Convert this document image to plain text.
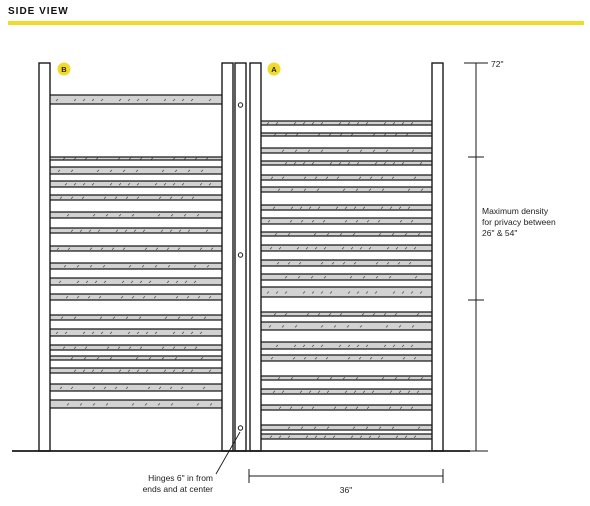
SIDE VIEW
B	A
72"
Maximum density
for privacy between
26" & 54"
36"
Hinges 6" in from
ends and at center
